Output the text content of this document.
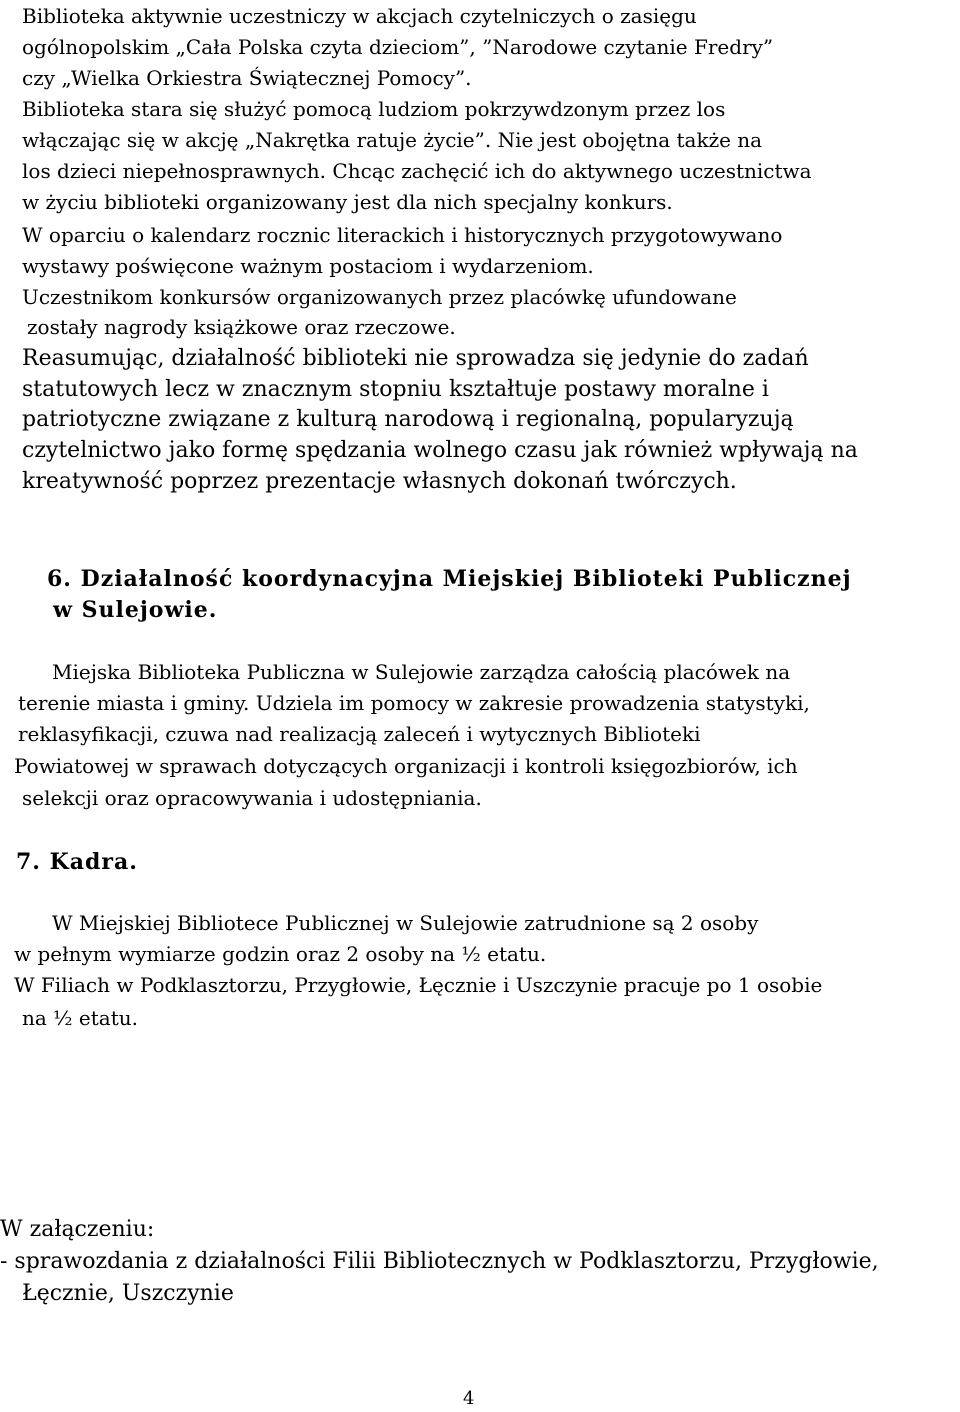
Biblioteka aktywnie uczestniczy w akcjach czytelniczych o zasięgu
ogólnopolskim „Cała Polska czyta dzieciom”, ”Narodowe czytanie Fredry”
czy „Wielka Orkiestra Świątecznej Pomocy”.
Biblioteka stara się służyć pomocą ludziom pokrzywdzonym przez los
włączając się w akcję „Nakrętka ratuje życie”. Nie jest obojętna także na
los dzieci niepełnosprawnych. Chcąc zachęcić ich do aktywnego uczestnictwa
w życiu biblioteki organizowany jest dla nich specjalny konkurs.
W oparciu o kalendarz rocznic literackich i historycznych przygotowywano
wystawy poświęcone ważnym postaciom i wydarzeniom.
Uczestnikom konkursów organizowanych przez placówkę ufundowane
zostały nagrody książkowe oraz rzeczowe.
Reasumując, działalność biblioteki nie sprowadza się jedynie do zadań
statutowych lecz w znacznym stopniu kształtuje postawy moralne i
patriotyczne związane z kulturą narodową i regionalną, popularyzują
czytelnictwo jako formę spędzania wolnego czasu jak również wpływają na
kreatywność poprzez prezentacje własnych dokonań twórczych.
6. Działalność koordynacyjna Miejskiej Biblioteki Publicznej
w Sulejowie.
Miejska Biblioteka Publiczna w Sulejowie zarządza całością placówek na
terenie miasta i gminy. Udziela im pomocy w zakresie prowadzenia statystyki,
reklasyfikacji, czuwa nad realizacją zaleceń i wytycznych Biblioteki
Powiatowej w sprawach dotyczących organizacji i kontroli księgozbiorów, ich
selekcji oraz opracowywania i udostępniania.
7. Kadra.
W Miejskiej Bibliotece Publicznej w Sulejowie zatrudnione są 2 osoby
w pełnym wymiarze godzin oraz 2 osoby na ½ etatu.
W Filiach w Podklasztorzu, Przygłowie, Łęcznie i Uszczynie pracuje po 1 osobie
na ½ etatu.
W załączeniu:
- sprawozdania z działalności Filii Bibliotecznych w Podklasztorzu, Przygłowie,
Łęcznie, Uszczynie
4
